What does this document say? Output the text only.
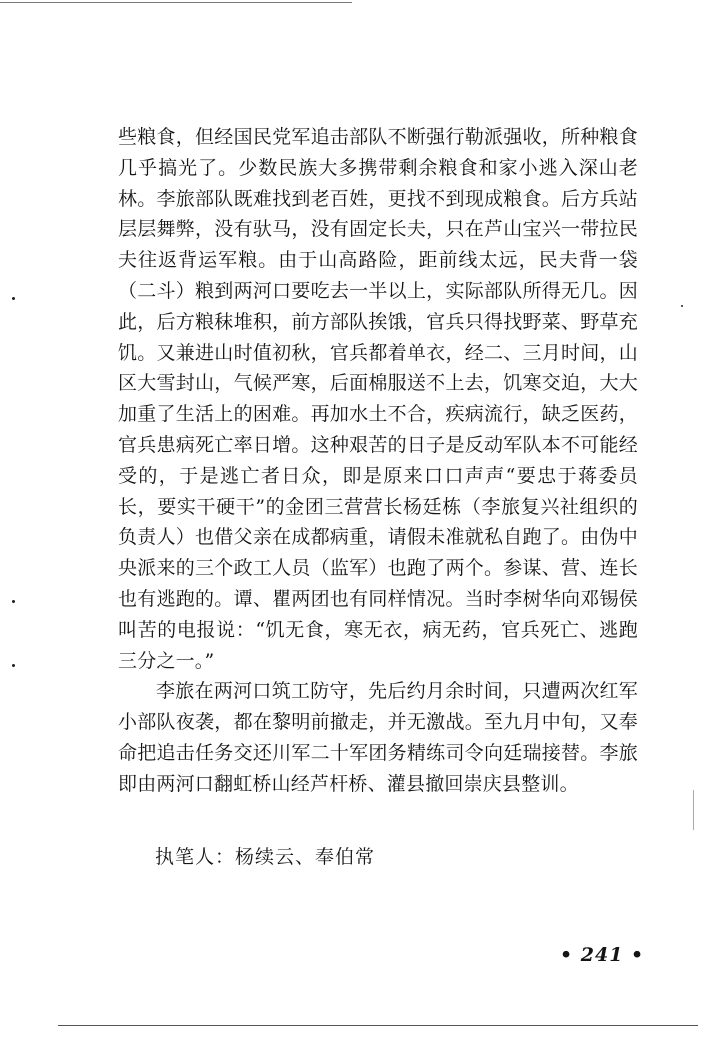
些粮食，但经国民党军追击部队不断强行勒派强收，所种粮食几乎搞光了。少数民族大多携带剩余粮食和家小逃入深山老林。李旅部队既难找到老百姓，更找不到现成粮食。后方兵站层层舞弊，没有驮马，没有固定长夫，只在芦山宝兴一带拉民夫往返背运军粮。由于山高路险，距前线太远，民夫背一袋（二斗）粮到两河口要吃去一半以上，实际部队所得无几。因此，后方粮秣堆积，前方部队挨饿，官兵只得找野菜、野草充饥。又兼进山时值初秋，官兵都着单衣，经二、三月时间，山区大雪封山，气候严寒，后面棉服送不上去，饥寒交迫，大大加重了生活上的困难。再加水土不合，疾病流行，缺乏医药，官兵患病死亡率日增。这种艰苦的日子是反动军队本不可能经受的，于是逃亡者日众，即是原来口口声声“要忠于蒋委员长，要实干硬干”的金团三营营长杨廷栋（李旅复兴社组织的负责人）也借父亲在成都病重，请假未准就私自跑了。由伪中央派来的三个政工人员（监军）也跑了两个。参谋、营、连长也有逃跑的。谭、瞿两团也有同样情况。当时李树华向邓锡侯叫苦的电报说：“饥无食，寒无衣，病无药，官兵死亡、逃跑三分之一。”

李旅在两河口筑工防守，先后约月余时间，只遭两次红军小部队夜袭，都在黎明前撤走，并无激战。至九月中旬，又奉命把追击任务交还川军二十军团务精练司令向廷瑞接替。李旅即由两河口翻虹桥山经芦杆桥、灌县撤回崇庆县整训。

执笔人：杨续云、奉伯常
• 241 •
